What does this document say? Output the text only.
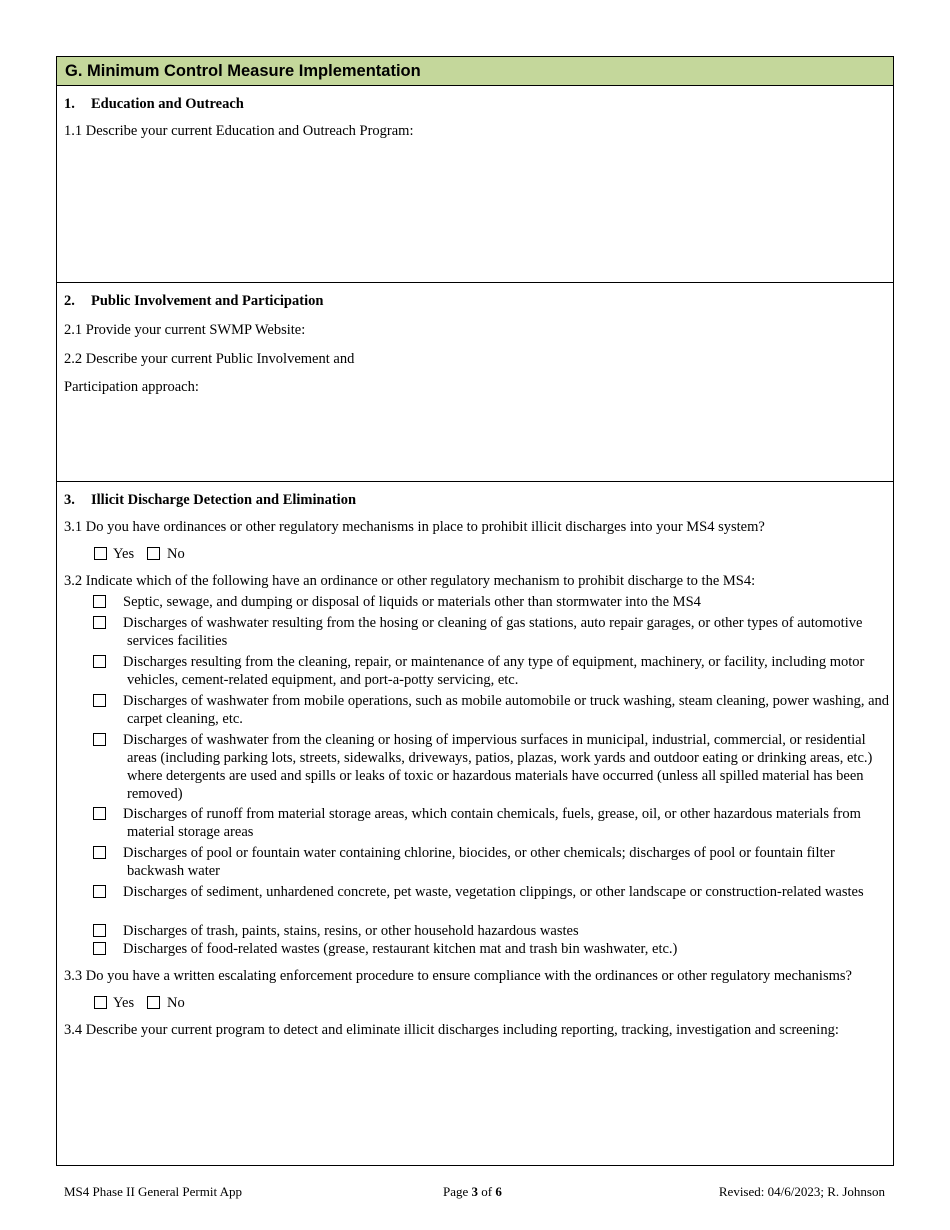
G. Minimum Control Measure Implementation
1. Education and Outreach
1.1 Describe your current Education and Outreach Program:
2. Public Involvement and Participation
2.1 Provide your current SWMP Website:
2.2 Describe your current Public Involvement and
Participation approach:
3. Illicit Discharge Detection and Elimination
3.1 Do you have ordinances or other regulatory mechanisms in place to prohibit illicit discharges into your MS4 system?
Yes No
3.2 Indicate which of the following have an ordinance or other regulatory mechanism to prohibit discharge to the MS4:
Septic, sewage, and dumping or disposal of liquids or materials other than stormwater into the MS4
Discharges of washwater resulting from the hosing or cleaning of gas stations, auto repair garages, or other types of automotive services facilities
Discharges resulting from the cleaning, repair, or maintenance of any type of equipment, machinery, or facility, including motor vehicles, cement-related equipment, and port-a-potty servicing, etc.
Discharges of washwater from mobile operations, such as mobile automobile or truck washing, steam cleaning, power washing, and carpet cleaning, etc.
Discharges of washwater from the cleaning or hosing of impervious surfaces in municipal, industrial, commercial, or residential areas (including parking lots, streets, sidewalks, driveways, patios, plazas, work yards and outdoor eating or drinking areas, etc.) where detergents are used and spills or leaks of toxic or hazardous materials have occurred (unless all spilled material has been removed)
Discharges of runoff from material storage areas, which contain chemicals, fuels, grease, oil, or other hazardous materials from material storage areas
Discharges of pool or fountain water containing chlorine, biocides, or other chemicals; discharges of pool or fountain filter backwash water
Discharges of sediment, unhardened concrete, pet waste, vegetation clippings, or other landscape or construction-related wastes
Discharges of trash, paints, stains, resins, or other household hazardous wastes
Discharges of food-related wastes (grease, restaurant kitchen mat and trash bin washwater, etc.)
3.3 Do you have a written escalating enforcement procedure to ensure compliance with the ordinances or other regulatory mechanisms?
Yes No
3.4 Describe your current program to detect and eliminate illicit discharges including reporting, tracking, investigation and screening:
MS4 Phase II General Permit App	Page 3 of 6	Revised: 04/6/2023; R. Johnson
